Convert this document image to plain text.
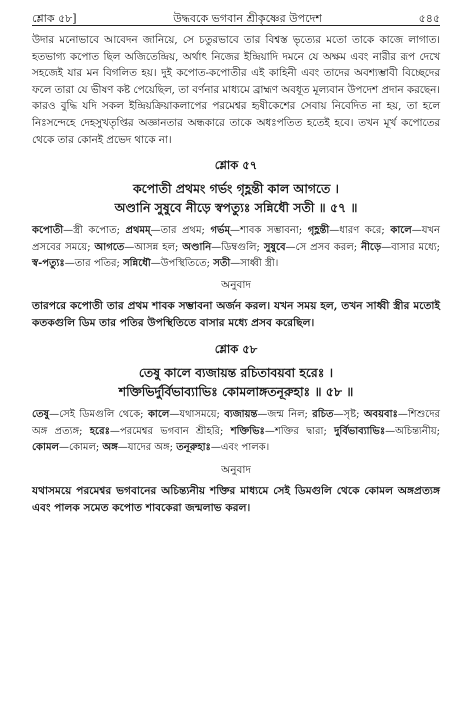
শ্লোক ৫৮]	উদ্ধবকে ভগবান শ্রীকৃষ্ণের উপদেশ	৫৪৫

উদার মনোভাবে আবেদন জানিয়ে, সে চতুরভাবে তার বিশ্বস্ত ভৃত্যের মতো তাকে কাজে লাগাত। হতভাগ্য কপোত ছিল অজিতেন্দ্রিয়, অর্থাৎ নিজের ইন্দ্রিয়াদি দমনে যে অক্ষম এবং নারীর রূপ দেখে সহজেই যার মন বিগলিত হয়। দুই কপোত-কপোতীর এই কাহিনী এবং তাদের অবশ্যম্ভাবী বিচ্ছেদের ফলে তারা যে ভীষণ কষ্ট পেয়েছিল, তা বর্ণনার মাধ্যমে ব্রাহ্মণ অবধূত মূল্যবান উপদেশ প্রদান করছেন। কারও বুদ্ধি যদি সকল ইন্দ্রিয়ক্রিয়াকলাপের পরমেশ্বর হৃষীকেশের সেবায় নিবেদিত না হয়, তা হলে নিঃসন্দেহে দেহসুখতৃপ্তির অজ্ঞানতার অন্ধকারে তাকে অধঃপতিত হতেই হবে। তখন মূর্খ কপোতের থেকে তার কোনই প্রভেদ থাকে না।

শ্লোক ৫৭

কপোতী প্রথমং গর্ভং গৃহ্ণন্তী কাল আগতে ।

অণ্ডানি সুষুবে নীড়ে স্বপত্যুঃ সন্নিধৌ সতী ॥ ৫৭ ॥

কপোতী—স্ত্রী কপোত; প্রথমম্—তার প্রথম; গর্ভম্—শাবক সম্ভাবনা; গৃহ্ণন্তী—ধারণ করে; কালে—যখন প্রসবের সময়ে; আগতে—আসন্ন হল; অণ্ডানি—ডিম্বগুলি; সুষুবে—সে প্রসব করল; নীড়ে—বাসার মধ্যে; স্ব-পত্যুঃ—তার পতির; সন্নিধৌ—উপস্থিতিতে; সতী—সাধ্বী স্ত্রী।

অনুবাদ

তারপরে কপোতী তার প্রথম শাবক সম্ভাবনা অর্জন করল। যখন সময় হল, তখন সাধ্বী স্ত্রীর মতোই কতকগুলি ডিম তার পতির উপস্থিতিতে বাসার মধ্যে প্রসব করেছিল।

শ্লোক ৫৮

তেষু কালে ব্যজায়ন্ত রচিতাবয়বা হরেঃ ।

শক্তিভির্দুর্বিভাব্যাভিঃ কোমলাঙ্গতনূরুহাঃ ॥ ৫৮ ॥

তেষু—সেই ডিমগুলি থেকে; কালে—যথাসময়ে; ব্যজায়ন্ত—জন্ম নিল; রচিত—সৃষ্ট; অবয়বাঃ—শিশুদের অঙ্গ প্রত্যঙ্গ; হরেঃ—পরমেশ্বর ভগবান শ্রীহরি; শক্তিভিঃ—শক্তির দ্বারা; দুর্বিভাব্যাভিঃ—অচিন্ত্যনীয়; কোমল—কোমল; অঙ্গ—যাদের অঙ্গ; তনূরুহাঃ—এবং পালক।

অনুবাদ

যথাসময়ে পরমেশ্বর ভগবানের অচিন্ত্যনীয় শক্তির মাধ্যমে সেই ডিমগুলি থেকে কোমল অঙ্গপ্রত্যঙ্গ এবং পালক সমেত কপোত শাবকেরা জন্মলাভ করল।
